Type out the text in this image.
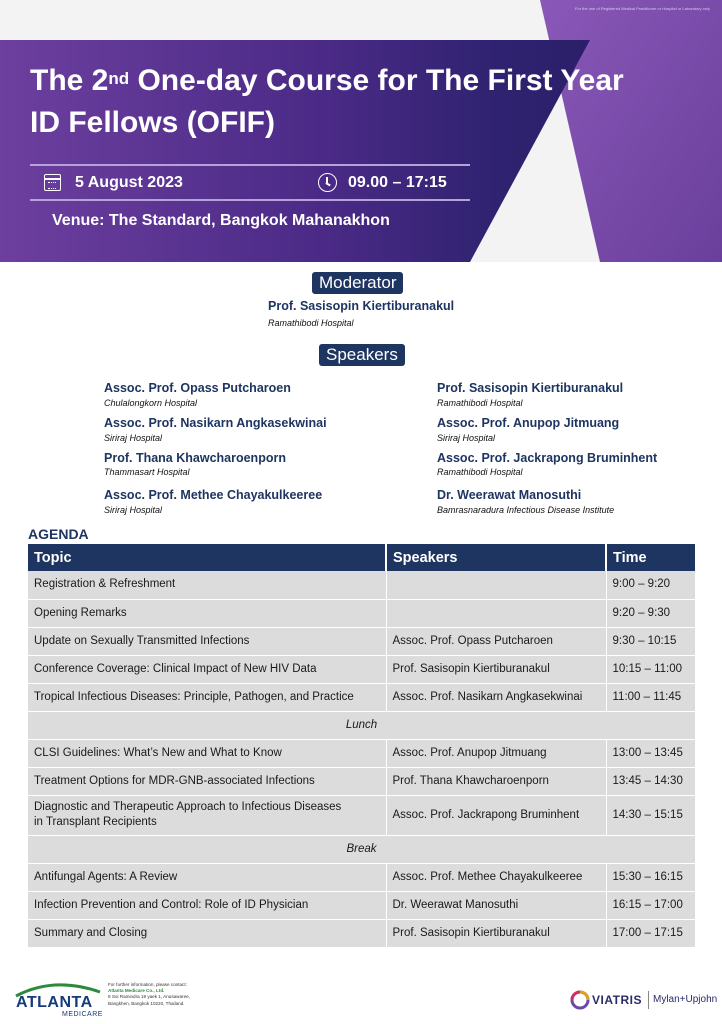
For the use of Registered Medical Practitioner or Hospital or Laboratory only
The 2nd One-day Course for The First Year
ID Fellows (OFIF)
5 August 2023	09.00 – 17:15
Venue: The Standard, Bangkok Mahanakhon
Moderator
Prof. Sasisopin Kiertiburanakul
Ramathibodi Hospital
Speakers
Assoc. Prof. Opass Putcharoen
Chulalongkorn Hospital
Assoc. Prof. Nasikarn Angkasekwinai
Siriraj Hospital
Prof. Thana Khawcharoenporn
Thammasart Hospital
Assoc. Prof. Methee Chayakulkeeree
Siriraj Hospital
Prof. Sasisopin Kiertiburanakul
Ramathibodi Hospital
Assoc. Prof. Anupop Jitmuang
Siriraj Hospital
Assoc. Prof. Jackrapong Bruminhent
Ramathibodi Hospital
Dr. Weerawat Manosuthi
Bamrasnaradura Infectious Disease Institute
AGENDA
Topic	Speakers	Time
Registration & Refreshment		9:00 – 9:20
Opening Remarks		9:20 – 9:30
Update on Sexually Transmitted Infections	Assoc. Prof. Opass Putcharoen	9:30 – 10:15
Conference Coverage: Clinical Impact of New HIV Data	Prof. Sasisopin Kiertiburanakul	10:15 – 11:00
Tropical Infectious Diseases: Principle, Pathogen, and Practice	Assoc. Prof. Nasikarn Angkasekwinai	11:00 – 11:45
Lunch		
CLSI Guidelines: What’s New and What to Know	Assoc. Prof. Anupop Jitmuang	13:00 – 13:45
Treatment Options for MDR-GNB-associated Infections	Prof. Thana Khawcharoenporn	13:45 – 14:30
Diagnostic and Therapeutic Approach to Infectious Diseases
in Transplant Recipients	Assoc. Prof. Jackrapong Bruminhent	14:30 – 15:15
Break		
Antifungal Agents: A Review	Assoc. Prof. Methee Chayakulkeeree	15:30 – 16:15
Infection Prevention and Control: Role of ID Physician	Dr. Weerawat Manosuthi	16:15 – 17:00
Summary and Closing	Prof. Sasisopin Kiertiburanakul	17:00 – 17:15
ATLANTA
MEDICARE
For further information, please contact:
Atlanta Medicare Co., Ltd.
8 Soi Ramindra 19 yaek 1, Anusawaree,
Bangkhen, Bangkok 10220, Thailand.	VIATRIS Mylan+Upjohn
